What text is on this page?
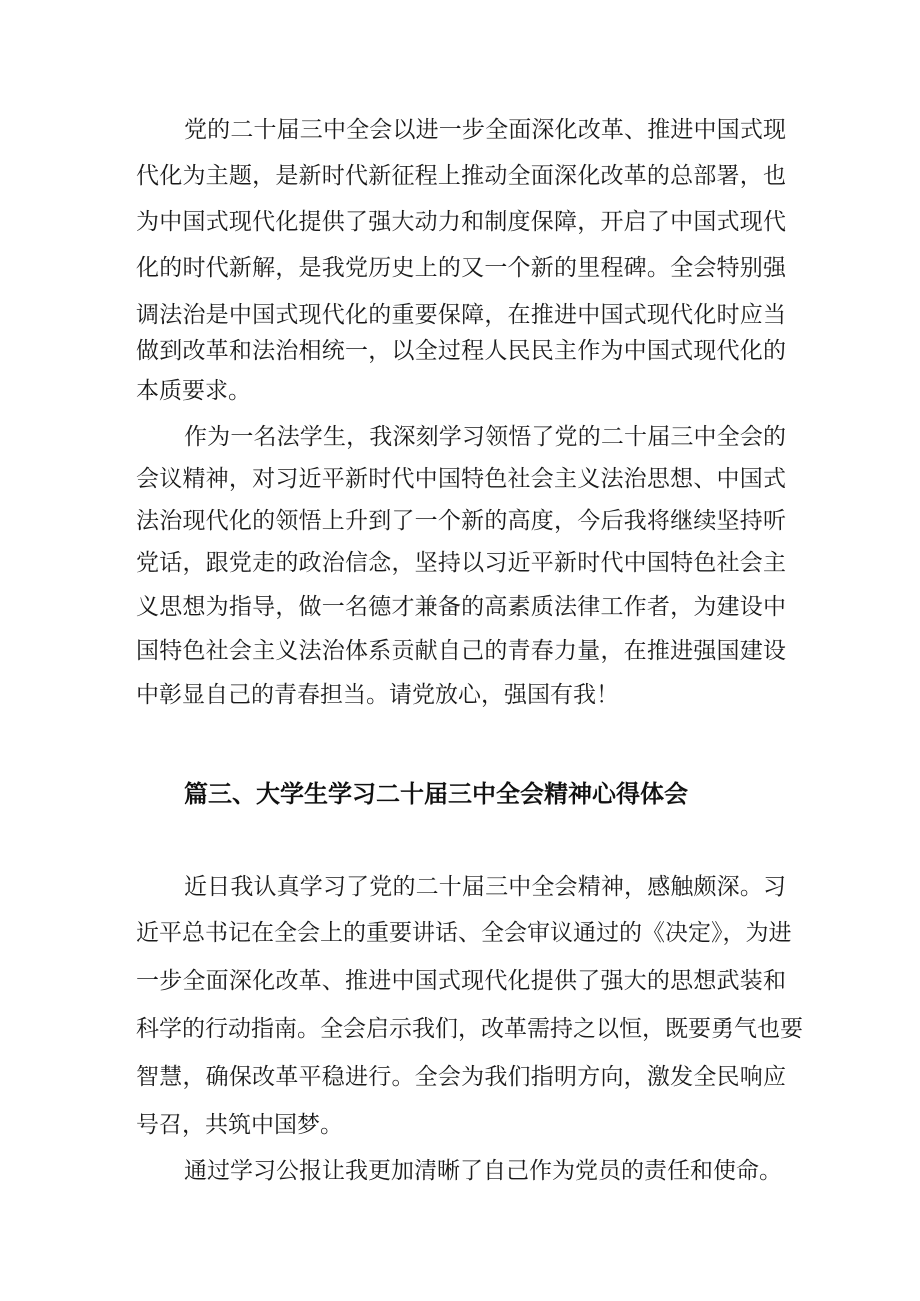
党的二十届三中全会以进一步全面深化改革、推进中国式现

代化为主题，是新时代新征程上推动全面深化改革的总部署，也

为中国式现代化提供了强大动力和制度保障，开启了中国式现代

化的时代新解，是我党历史上的又一个新的里程碑。全会特别强

调法治是中国式现代化的重要保障，在推进中国式现代化时应当

做到改革和法治相统一，以全过程人民民主作为中国式现代化的

本质要求。

作为一名法学生，我深刻学习领悟了党的二十届三中全会的

会议精神，对习近平新时代中国特色社会主义法治思想、中国式

法治现代化的领悟上升到了一个新的高度，今后我将继续坚持听

党话，跟党走的政治信念，坚持以习近平新时代中国特色社会主

义思想为指导，做一名德才兼备的高素质法律工作者，为建设中

国特色社会主义法治体系贡献自己的青春力量，在推进强国建设

中彰显自己的青春担当。请党放心，强国有我！

篇三、大学生学习二十届三中全会精神心得体会

近日我认真学习了党的二十届三中全会精神，感触颇深。习

近平总书记在全会上的重要讲话、全会审议通过的《决定》，为进

一步全面深化改革、推进中国式现代化提供了强大的思想武装和

科学的行动指南。全会启示我们，改革需持之以恒，既要勇气也要

智慧，确保改革平稳进行。全会为我们指明方向，激发全民响应

号召，共筑中国梦。

通过学习公报让我更加清晰了自己作为党员的责任和使命。
